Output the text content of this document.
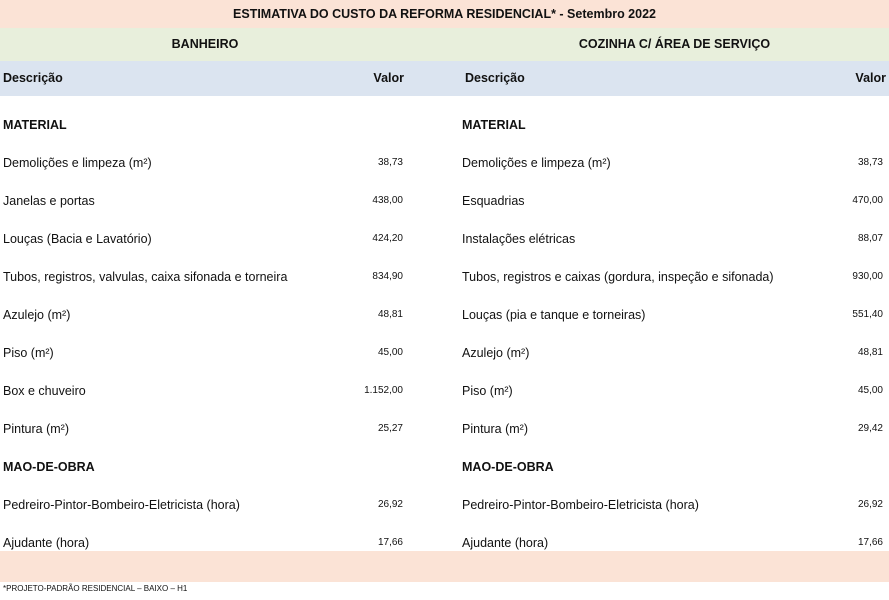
ESTIMATIVA DO CUSTO DA REFORMA RESIDENCIAL* - Setembro 2022
BANHEIRO	COZINHA C/ ÁREA DE SERVIÇO
Descrição	Valor	Descrição	Valor
MATERIAL
Demolições e limpeza (m²)	38,73
Janelas e portas	438,00
Louças (Bacia e Lavatório)	424,20
Tubos, registros, valvulas, caixa sifonada e torneira	834,90
Azulejo (m²)	48,81
Piso (m²)	45,00
Box e chuveiro	1.152,00
Pintura (m²)	25,27
MAO-DE-OBRA
Pedreiro-Pintor-Bombeiro-Eletricista (hora)	26,92
Ajudante (hora)	17,66
MATERIAL
Demolições e limpeza (m²)	38,73
Esquadrias	470,00
Instalações elétricas	88,07
Tubos, registros e caixas (gordura, inspeção e sifonada)	930,00
Louças (pia e tanque e torneiras)	551,40
Azulejo (m²)	48,81
Piso (m²)	45,00
Pintura (m²)	29,42
MAO-DE-OBRA
Pedreiro-Pintor-Bombeiro-Eletricista (hora)	26,92
Ajudante (hora)	17,66
*PROJETO-PADRÃO RESIDENCIAL – BAIXO – H1
